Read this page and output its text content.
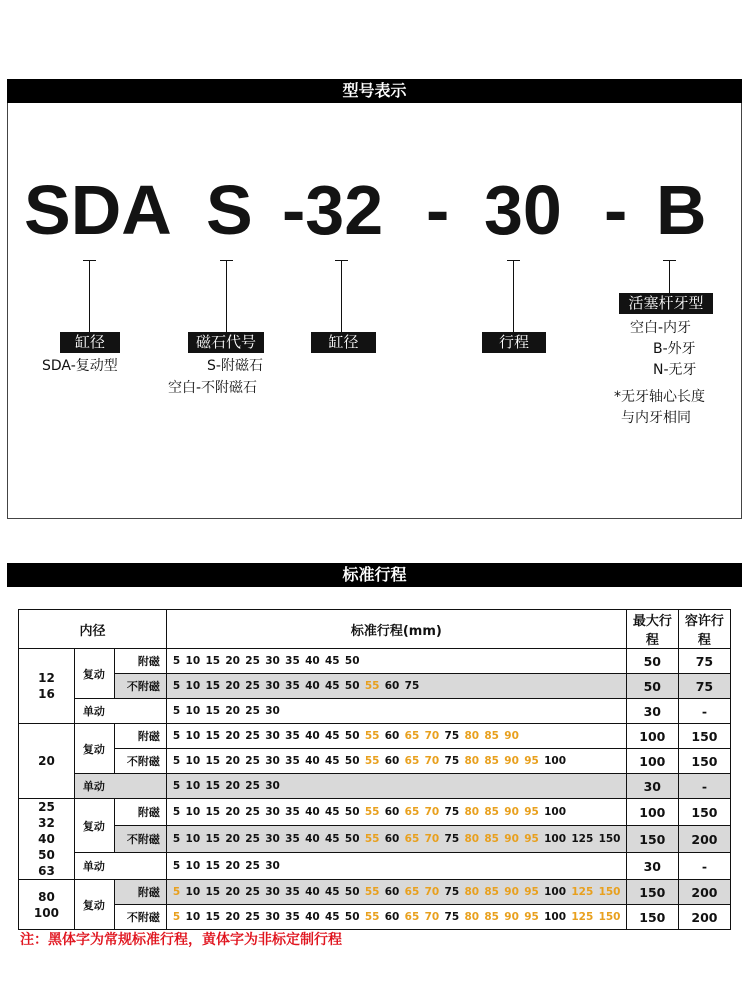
型号表示
SDA S -32 - 30 - B
缸径
SDA-复动型
磁石代号
S-附磁石
空白-不附磁石
缸径	行程
活塞杆牙型
空白-内牙
B-外牙
N-无牙
*无牙轴心长度
与内牙相同
标准行程
内径			标准行程(mm)	最大行程	容许行程

12
16	复动	附磁	5 10 15 20 25 30 35 40 45 50	50	75
		不附磁	5 10 15 20 25 30 35 40 45 50 55 60 75	50	75
	单动		5 10 15 20 25 30	30	-

20	复动	附磁	5 10 15 20 25 30 35 40 45 50 55 60 65 70 75 80 85 90	100	150
		不附磁	5 10 15 20 25 30 35 40 45 50 55 60 65 70 75 80 85 90 95 100	100	150
	单动		5 10 15 20 25 30	30	-

25
32
40
50
63	复动	附磁	5 10 15 20 25 30 35 40 45 50 55 60 65 70 75 80 85 90 95 100	100	150
		不附磁	5 10 15 20 25 30 35 40 45 50 55 60 65 70 75 80 85 90 95 100 125 150	150	200
	单动		5 10 15 20 25 30	30	-

80
100	复动	附磁	5 10 15 20 25 30 35 40 45 50 55 60 65 70 75 80 85 90 95 100 125 150	150	200
		不附磁	5 10 15 20 25 30 35 40 45 50 55 60 65 70 75 80 85 90 95 100 125 150	150	200
注：黑体字为常规标准行程，黄体字为非标定制行程
